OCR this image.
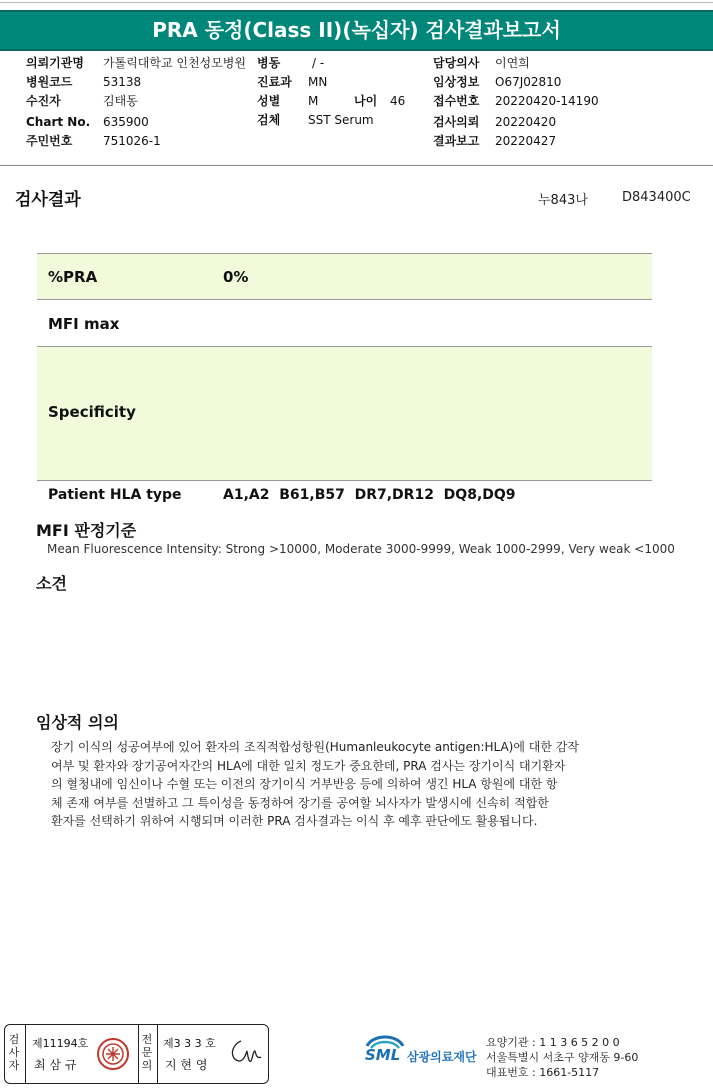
PRA 동정(Class II)(녹십자) 검사결과보고서
의뢰기관명 가톨릭대학교 인천성모병원
병원코드	53138
수진자	김태동
Chart No. 635900
주민번호	751026-1
병동	/ -
진료과 MN
성별 M	나이 46
검체 SST Serum
담당의사 이연희
임상정보 O67J02810
접수번호 20220420-14190
검사의뢰 20220420
결과보고 20220427
검사결과	누843나	D843400C
%PRA	0%
MFI max
Specificity
Patient HLA type	A1,A2  B61,B57  DR7,DR12  DQ8,DQ9
MFI 판정기준
Mean Fluorescence Intensity: Strong >10000, Moderate 3000-9999, Weak 1000-2999, Very weak <1000
소견
임상적 의의
장기 이식의 성공여부에 있어 환자의 조직적합성항원(Humanleukocyte antigen:HLA)에 대한 감작
여부 및 환자와 장기공여자간의 HLA에 대한 일치 정도가 중요한데, PRA 검사는 장기이식 대기환자
의 혈청내에 임신이나 수혈 또는 이전의 장기이식 거부반응 등에 의하여 생긴 HLA 항원에 대한 항
체 존재 여부를 선별하고 그 특이성을 동정하여 장기를 공여할 뇌사자가 발생시에 신속히 적합한
환자를 선택하기 위하여 시행되며 이러한 PRA 검사결과는 이식 후 예후 판단에도 활용됩니다.
검사자
제11194호
최 삼 규
전문의
제3 3 3 호
지 현 영
SML 삼광의료재단
요양기관 : 1 1 3 6 5 2 0 0
서울특별시 서초구 양재동 9-60
대표번호 : 1661-5117
